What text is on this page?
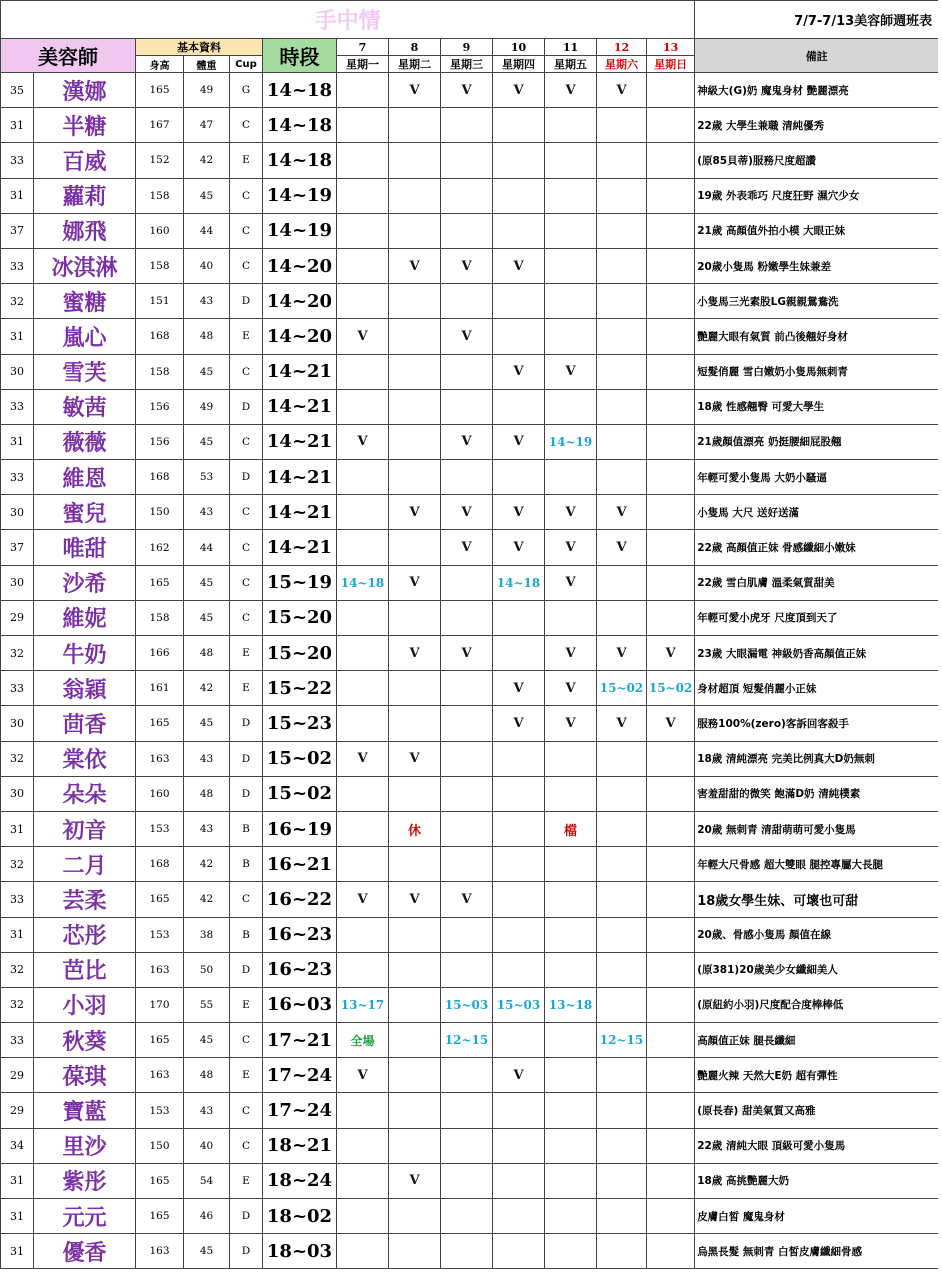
手中情													7/7-7/13美容師週班表
美容師		基本資料			時段	7	8	9	10	11	12	13	備註
		身高	體重	Cup		星期一	星期二	星期三	星期四	星期五	星期六	星期日	
35	漢娜	165	49	G	14~18		V	V	V	V	V		神級大(G)奶 魔鬼身材 艷麗漂亮
31	半糖	167	47	C	14~18								22歲 大學生兼職 清純優秀
33	百威	152	42	E	14~18								(原85貝蒂)服務尺度超讚
31	蘿莉	158	45	C	14~19								19歲 外表乖巧 尺度狂野 濕穴少女
37	娜飛	160	44	C	14~19								21歲 高顏值外拍小模 大眼正妹
33	冰淇淋	158	40	C	14~20		V	V	V				20歲小隻馬 粉嫩學生妹兼差
32	蜜糖	151	43	D	14~20								小隻馬三光素股LG親親鴛鴦洗
31	嵐心	168	48	E	14~20	V		V					艷麗大眼有氣質 前凸後翹好身材
30	雪芙	158	45	C	14~21				V	V			短髮俏麗 雪白嫩奶小隻馬無刺青
33	敏茜	156	49	D	14~21								18歲 性感翹臀 可愛大學生
31	薇薇	156	45	C	14~21	V		V	V	14~19			21歲顏值漂亮 奶挺腰細屁股翹
33	維恩	168	53	D	14~21								年輕可愛小隻馬 大奶小騷逼
30	蜜兒	150	43	C	14~21		V	V	V	V	V		小隻馬 大尺 送好送滿
37	唯甜	162	44	C	14~21			V	V	V	V		22歲 高顏值正妹 骨感纖細小嫩妹
30	沙希	165	45	C	15~19	14~18	V		14~18	V			22歲 雪白肌膚 溫柔氣質甜美
29	維妮	158	45	C	15~20								年輕可愛小虎牙 尺度頂到天了
32	牛奶	166	48	E	15~20		V	V		V	V	V	23歲 大眼漏電 神級奶香高顏值正妹
33	翁穎	161	42	E	15~22				V	V	15~02	15~02	身材超頂 短髮俏麗小正妹
30	茴香	165	45	D	15~23				V	V	V	V	服務100%(zero)客訴回客殺手
32	棠依	163	43	D	15~02	V	V						18歲 清純漂亮 完美比例真大D奶無刺
30	朵朵	160	48	D	15~02								害羞甜甜的微笑 飽滿D奶 清純樸素
31	初音	153	43	B	16~19		休			檔			20歲 無刺青 清甜萌萌可愛小隻馬
32	二月	168	42	B	16~21								年輕大尺骨感 超大雙眼 腿控專屬大長腿
33	芸柔	165	42	C	16~22	V	V	V					18歲女學生妹、可壞也可甜
31	芯彤	153	38	B	16~23								20歲、骨感小隻馬 顏值在線
32	芭比	163	50	D	16~23								(原381)20歲美少女纖細美人
32	小羽	170	55	E	16~03	13~17		15~03	15~03	13~18			(原紐約小羽)尺度配合度棒棒低
33	秋葵	165	45	C	17~21	全場		12~15			12~15		高顏值正妹 腿長纖細
29	葆琪	163	48	E	17~24	V			V				艷麗火辣 天然大E奶 超有彈性
29	寶藍	153	43	C	17~24								(原長春) 甜美氣質又高雅
34	里沙	150	40	C	18~21								22歲 清純大眼 頂級可愛小隻馬
31	紫彤	165	54	E	18~24		V						18歲 高挑艷麗大奶
31	元元	165	46	D	18~02								皮膚白皙 魔鬼身材
31	優香	163	45	D	18~03								烏黑長髮 無刺青 白皙皮膚纖細骨感
